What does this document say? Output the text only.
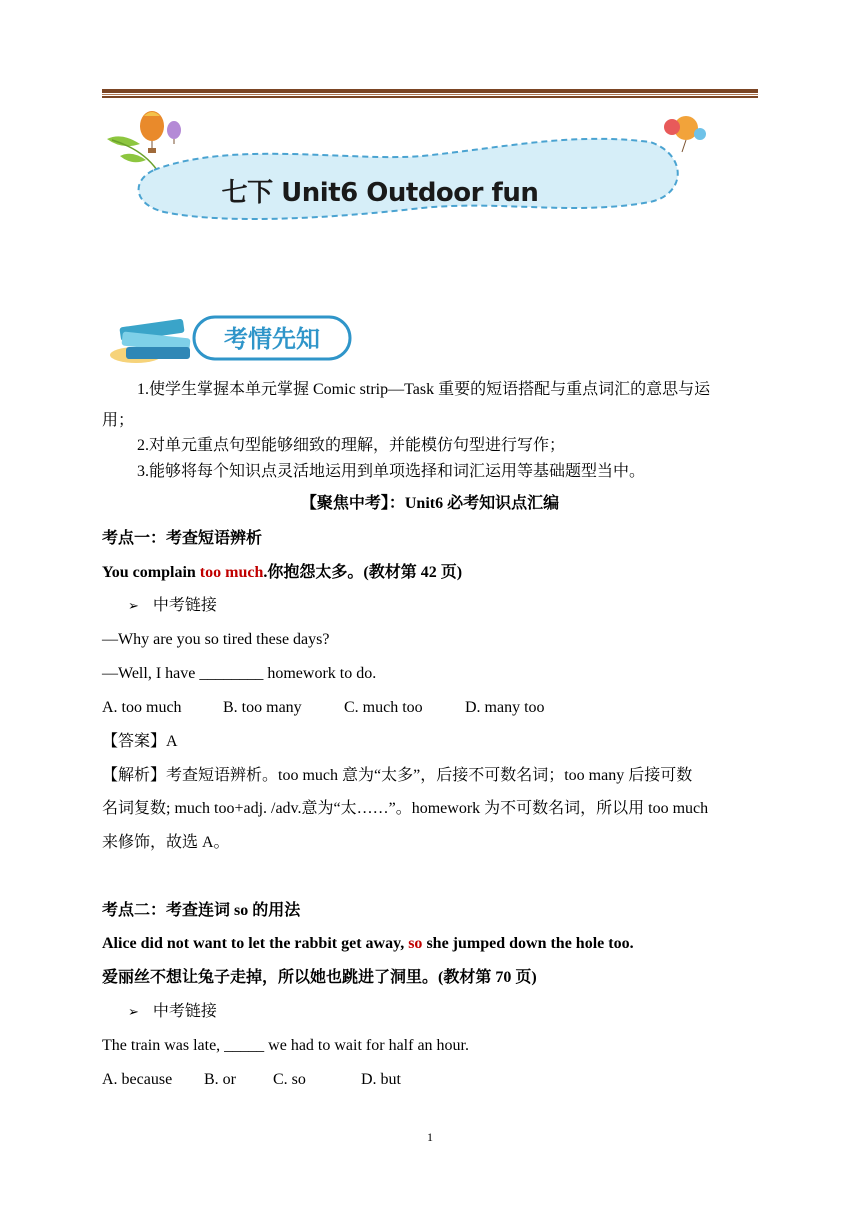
七下 Unit6 Outdoor fun
考情先知
1.使学生掌握本单元掌握 Comic strip—Task 重要的短语搭配与重点词汇的意思与运
用；
2.对单元重点句型能够细致的理解，并能模仿句型进行写作；
3.能够将每个知识点灵活地运用到单项选择和词汇运用等基础题型当中。
【聚焦中考】：Unit6 必考知识点汇编
考点一：考查短语辨析
You complain too much.你抱怨太多。(教材第 42 页)
➢ 中考链接
—Why are you so tired these days?
—Well, I have ________ homework to do.
A. too much	B. too many	C. much too	D. many too
【答案】A
【解析】考查短语辨析。too much 意为“太多”，后接不可数名词；too many 后接可数
名词复数; much too+adj. /adv.意为“太……”。homework 为不可数名词，所以用 too much
来修饰，故选 A。
考点二：考查连词 so 的用法
Alice did not want to let the rabbit get away, so she jumped down the hole too.
爱丽丝不想让兔子走掉，所以她也跳进了洞里。(教材第 70 页)
➢ 中考链接
The train was late, _____ we had to wait for half an hour.
A. because B. or C. so	D. but
1
